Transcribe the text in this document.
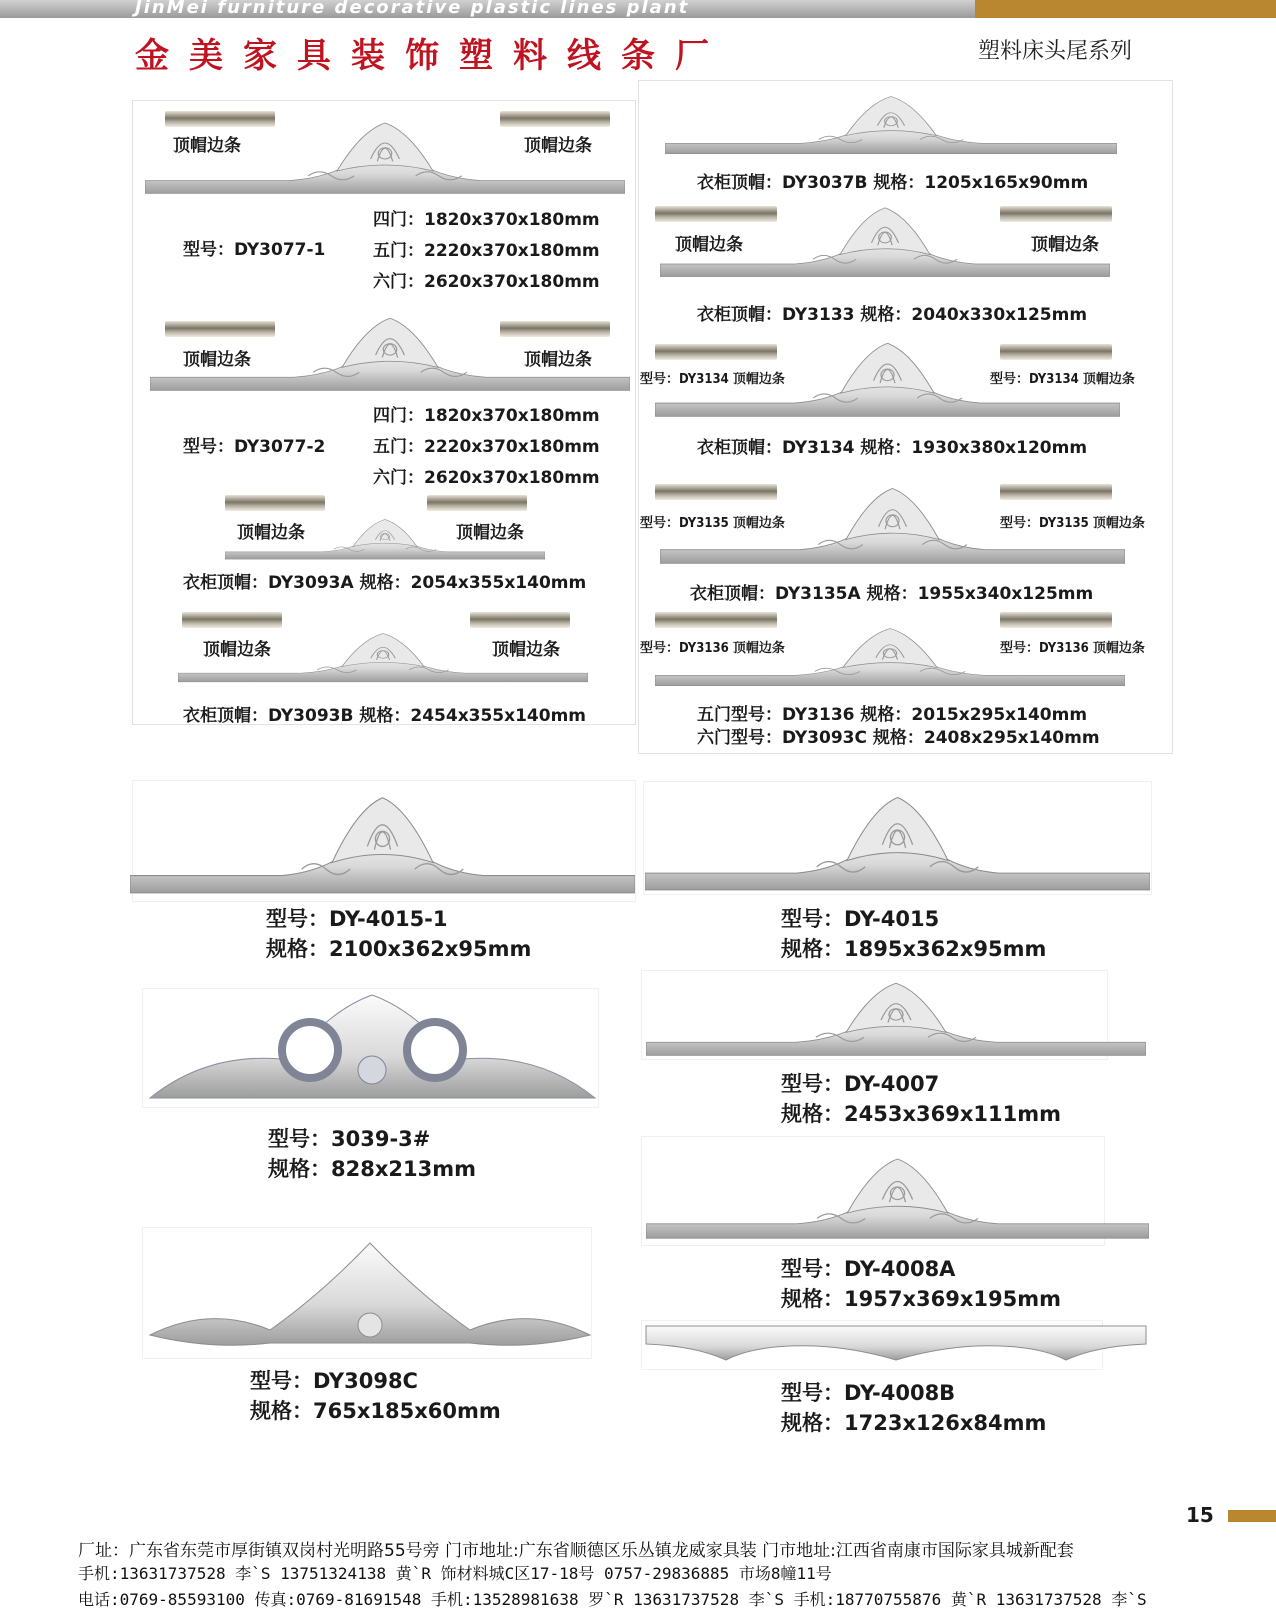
JinMei furniture decorative plastic lines plant
金美家具装饰塑料线条厂	塑料床头尾系列
顶帽边条	顶帽边条
型号：DY3077-1
四门：1820x370x180mm
五门：2220x370x180mm
六门：2620x370x180mm
顶帽边条	顶帽边条
型号：DY3077-2
四门：1820x370x180mm
五门：2220x370x180mm
六门：2620x370x180mm
顶帽边条	顶帽边条
衣柜顶帽：DY3093A 规格：2054x355x140mm
顶帽边条	顶帽边条
衣柜顶帽：DY3093B 规格：2454x355x140mm
衣柜顶帽：DY3037B 规格：1205x165x90mm
顶帽边条	顶帽边条
衣柜顶帽：DY3133 规格：2040x330x125mm
型号：DY3134 顶帽边条	型号：DY3134 顶帽边条
衣柜顶帽：DY3134 规格：1930x380x120mm
型号：DY3135 顶帽边条	型号：DY3135 顶帽边条
衣柜顶帽：DY3135A 规格：1955x340x125mm
型号：DY3136 顶帽边条	型号：DY3136 顶帽边条
五门型号：DY3136 规格：2015x295x140mm
六门型号：DY3093C 规格：2408x295x140mm
型号：DY-4015-1
规格：2100x362x95mm
型号：DY-4015
规格：1895x362x95mm
型号：3039-3#
规格：828x213mm
型号：DY-4007
规格：2453x369x111mm
型号：DY-4008A
规格：1957x369x195mm
型号：DY3098C
规格：765x185x60mm
型号：DY-4008B
规格：1723x126x84mm
15
厂址：广东省东莞市厚街镇双岗村光明路55号旁 门市地址:广东省顺德区乐丛镇龙威家具装 门市地址:江西省南康市国际家具城新配套
手机:13631737528 李`S 13751324138 黄`R 饰材料城C区17-18号 0757-29836885 市场8幢11号
电话:0769-85593100 传真:0769-81691548 手机:13528981638 罗`R 13631737528 李`S 手机:18770755876 黄`R 13631737528 李`S
